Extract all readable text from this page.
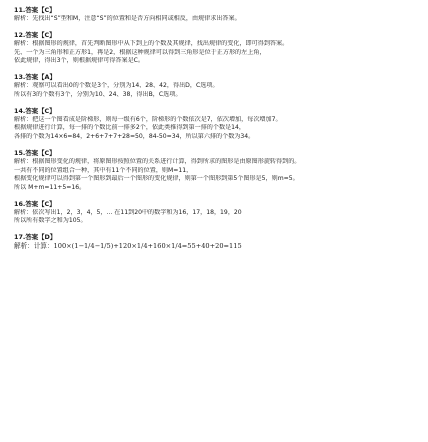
11.答案【C】
解析：先找出“S”型和M，注意“S”的位置和是否方向相同或相反，由规律求出答案。
12.答案【C】
解析：根据图形的规律，首先判断图形中从下到上的个数及其规律，找出规律的变化，即可得到答案。
先、一个为三角形和正方形1，再是2，根据这种规律可以得到三角形是位于正方形的左上角，
依此规律，得出3个，则根据规律可得答案是C。
13.答案【A】
解析：观察可以看出0的个数是3个，分别为14、28、42，得出D，C选项。
所以有3的个数有3个，分别为10、24、38，得出B，C选项。
14.答案【C】
解析：把这一个图看成是阶梯形，则每一级有6个，阶梯形的个数依次是7，依次增加，每次增加7。
根据规律进行计算，每一排的个数比前一排多2个，依此类推得到第一排的个数是14，
各排的个数为14×6=84，2+6+7+7+28=50，84-50=34，所以第六排的个数为34。
15.答案【C】
解析：根据图形变化的规律，将原图形按照位置的关系进行计算，得到所求的图形是由原图形旋转得到的。
一共有不同的位置组合一种，其中有11个不同的位置，则M=11，
根据变化规律可以得到第一个图形到最后一个图形的变化规律，则第一个图形到第5个图形是5，则m=5。
所以 M+m=11+5=16。
16.答案【C】
解析：依次写出1，2，3，4，5，... 在11到20中的数字和为16，17，18，19，20
所以所有数字之和为105。
17.答案【D】
解析：计算：100×(1−1/4−1/5)+120×1/4+160×1/4=55+40+20=115
